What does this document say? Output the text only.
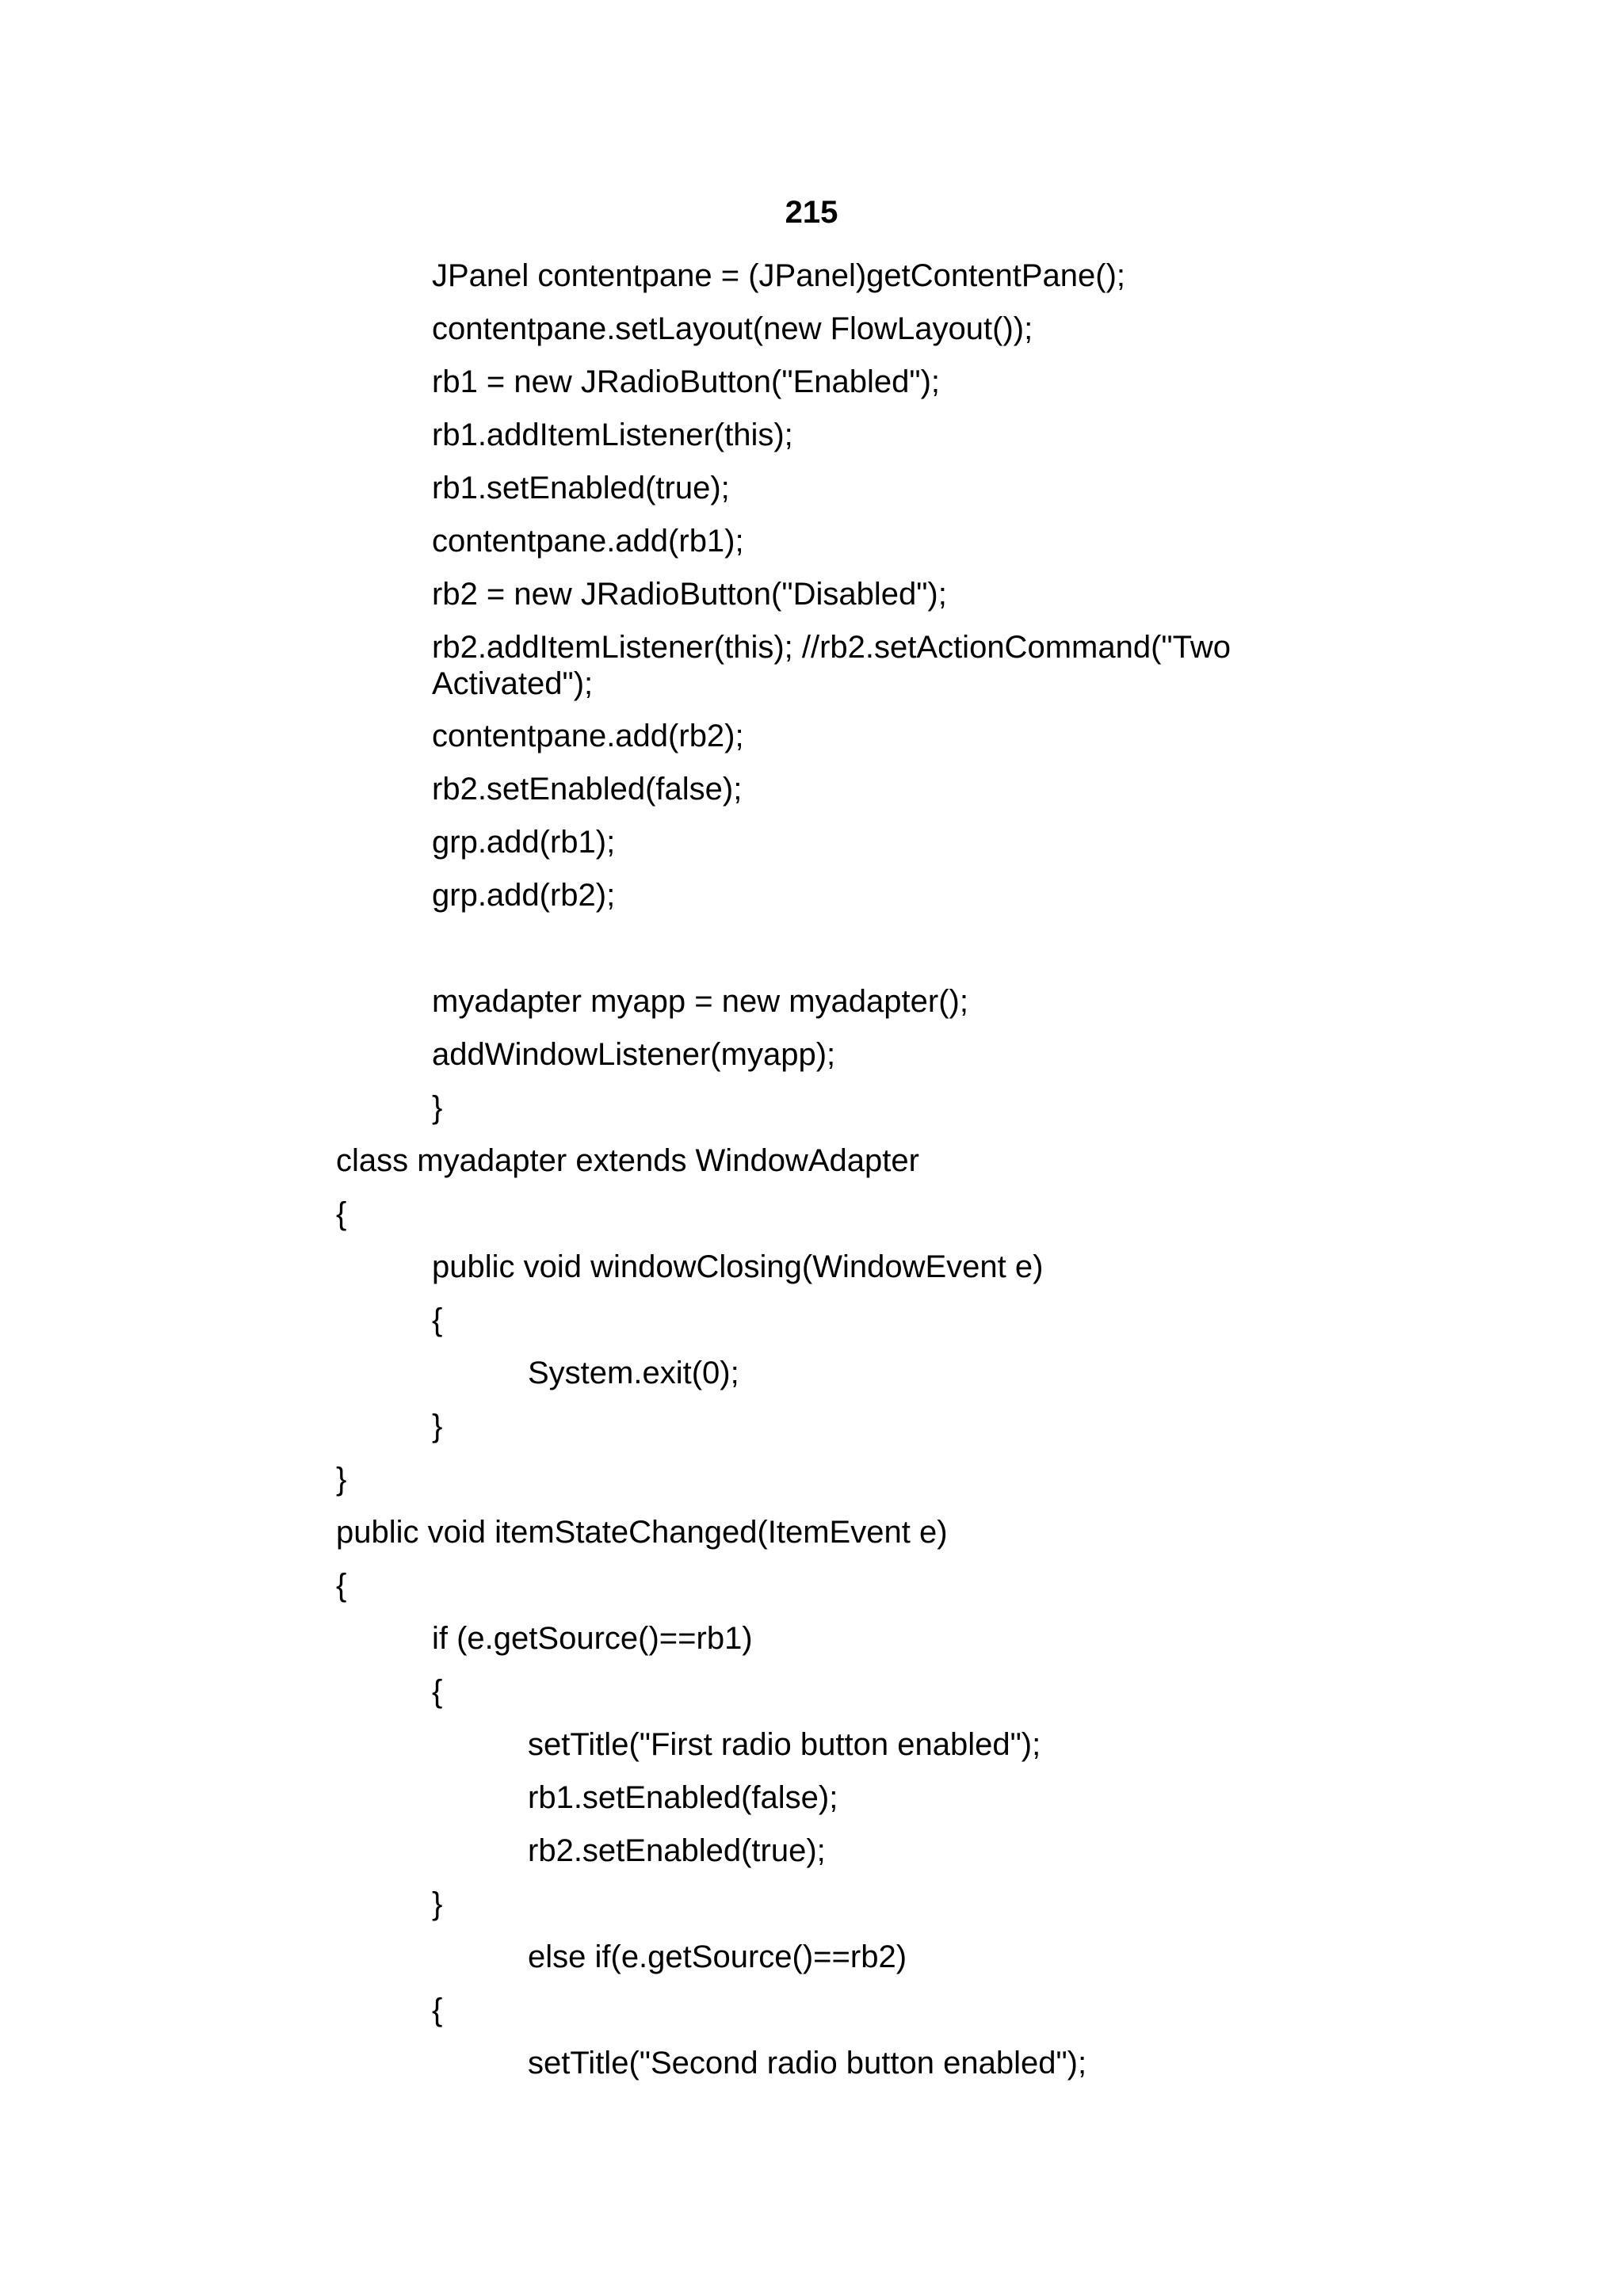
215
JPanel contentpane = (JPanel)getContentPane();
contentpane.setLayout(new FlowLayout());
rb1 = new JRadioButton("Enabled");
rb1.addItemListener(this);
rb1.setEnabled(true);
contentpane.add(rb1);
rb2 = new JRadioButton("Disabled");
rb2.addItemListener(this); //rb2.setActionCommand("Two Activated");
contentpane.add(rb2);
rb2.setEnabled(false);
grp.add(rb1);
grp.add(rb2);
myadapter myapp = new myadapter();
addWindowListener(myapp);
}
class myadapter extends WindowAdapter
{
public void windowClosing(WindowEvent e)
{
System.exit(0);
}
}
public void itemStateChanged(ItemEvent e)
{
if (e.getSource()==rb1)
{
setTitle("First radio button enabled");
rb1.setEnabled(false);
rb2.setEnabled(true);
}
else if(e.getSource()==rb2)
{
setTitle("Second radio button enabled");
